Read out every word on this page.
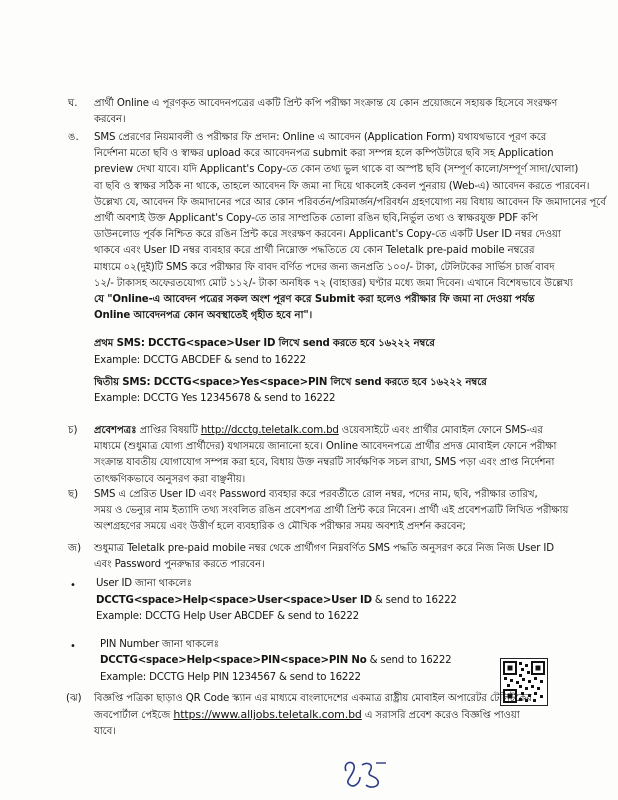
ঘ. প্রার্থী Online এ পূরণকৃত আবেদনপত্রের একটি প্রিন্ট কপি পরীক্ষা সংক্রান্ত যে কোন প্রয়োজনে সহায়ক হিসেবে সংরক্ষণ
করবেন।
ঙ. SMS প্রেরণের নিয়মাবলী ও পরীক্ষার ফি প্রদান: Online এ আবেদন (Application Form) যথাযথভাবে পূরণ করে
নির্দেশনা মতো ছবি ও স্বাক্ষর upload করে আবেদনপত্র submit করা সম্পন্ন হলে কম্পিউটারে ছবি সহ Application
preview দেখা যাবে। যদি Applicant's Copy-তে কোন তথ্য ভুল থাকে বা অস্পষ্ট ছবি (সম্পূর্ণ কালো/সম্পূর্ণ সাদা/ঘোলা)
বা ছবি ও স্বাক্ষর সঠিক না থাকে, তাহলে আবেদন ফি জমা না দিয়ে থাকলেই কেবল পুনরায় (Web-এ) আবেদন করতে পারবেন।
উল্লেখ্য যে, আবেদন ফি জমাদানের পরে আর কোন পরিবর্তন/পরিমার্জন/পরিবর্ধন গ্রহণযোগ্য নয় বিধায় আবেদন ফি জমাদানের পূর্বে
প্রার্থী অবশ্যই উক্ত Applicant's Copy-তে তার সাম্প্রতিক তোলা রঙিন ছবি,নির্ভুল তথ্য ও স্বাক্ষরযুক্ত PDF কপি
ডাউনলোড পূর্বক নিশ্চিত করে রঙিন প্রিন্ট করে সংরক্ষণ করবেন। Applicant's Copy-তে একটি User ID নম্বর দেওয়া
থাকবে এবং User ID নম্বর ব্যবহার করে প্রার্থী নিম্নোক্ত পদ্ধতিতে যে কোন Teletalk pre-paid mobile নম্বরের
মাধ্যমে ০২(দুই)টি SMS করে পরীক্ষার ফি বাবদ বর্ণিত পদের জন্য জনপ্রতি ১০০/- টাকা, টেলিটকের সার্ভিস চার্জ বাবদ
১২/- টাকাসহ অফেরতযোগ্য মোট ১১২/- টাকা অনধিক ৭২ (বাহাত্তর) ঘণ্টার মধ্যে জমা দিবেন। এখানে বিশেষভাবে উল্লেখ্য
যে "Online-এ আবেদন পত্রের সকল অংশ পূরণ করে Submit করা হলেও পরীক্ষার ফি জমা না দেওয়া পর্যন্ত
Online আবেদনপত্র কোন অবস্থাতেই গৃহীত হবে না"।
প্রথম SMS: DCCTG<space>User ID লিখে send করতে হবে ১৬২২২ নম্বরে
Example: DCCTG ABCDEF & send to 16222
দ্বিতীয় SMS: DCCTG<space>Yes<space>PIN লিখে send করতে হবে ১৬২২২ নম্বরে
Example: DCCTG Yes 12345678 & send to 16222
চ) প্রবেশপত্রঃ প্রাপ্তির বিষয়টি http://dcctg.teletalk.com.bd ওয়েবসাইটে এবং প্রার্থীর মোবাইল ফোনে SMS-এর
মাধ্যমে (শুধুমাত্র যোগ্য প্রার্থীদের) যথাসময়ে জানানো হবে। Online আবেদনপত্রে প্রার্থীর প্রদত্ত মোবাইল ফোনে পরীক্ষা
সংক্রান্ত যাবতীয় যোগাযোগ সম্পন্ন করা হবে, বিধায় উক্ত নম্বরটি সার্বক্ষণিক সচল রাখা, SMS পড়া এবং প্রাপ্ত নির্দেশনা
তাৎক্ষণিকভাবে অনুসরণ করা বাঞ্ছনীয়।
ছ) SMS এ প্রেরিত User ID এবং Password ব্যবহার করে পরবর্তীতে রোল নম্বর, পদের নাম, ছবি, পরীক্ষার তারিখ,
সময় ও ভেন্যুর নাম ইত্যাদি তথ্য সংবলিত রঙিন প্রবেশপত্র প্রার্থী প্রিন্ট করে নিবেন। প্রার্থী এই প্রবেশপত্রটি লিখিত পরীক্ষায়
অংশগ্রহণের সময়ে এবং উত্তীর্ণ হলে ব্যবহারিক ও মৌখিক পরীক্ষার সময় অবশ্যই প্রদর্শন করবেন;
জ) শুধুমাত্র Teletalk pre-paid mobile নম্বর থেকে প্রার্থীগণ নিম্নবর্ণিত SMS পদ্ধতি অনুসরণ করে নিজ নিজ User ID
এবং Password পুনরুদ্ধার করতে পারবেন।
• User ID জানা থাকলেঃ
DCCTG<space>Help<space>User<space>User ID & send to 16222
Example: DCCTG Help User ABCDEF & send to 16222
• PIN Number জানা থাকলেঃ
DCCTG<space>Help<space>PIN<space>PIN No & send to 16222
Example: DCCTG Help PIN 1234567 & send to 16222
(ঝ) বিজ্ঞপ্তি পত্রিকা ছাড়াও QR Code স্ক্যান এর মাধ্যমে বাংলাদেশের একমাত্র রাষ্ট্রীয় মোবাইল অপারেটর টেলিটকের
জবপোর্টাল পেইজে https://www.alljobs.teletalk.com.bd এ সরাসরি প্রবেশ করেও বিজ্ঞপ্তি পাওয়া
যাবে।
